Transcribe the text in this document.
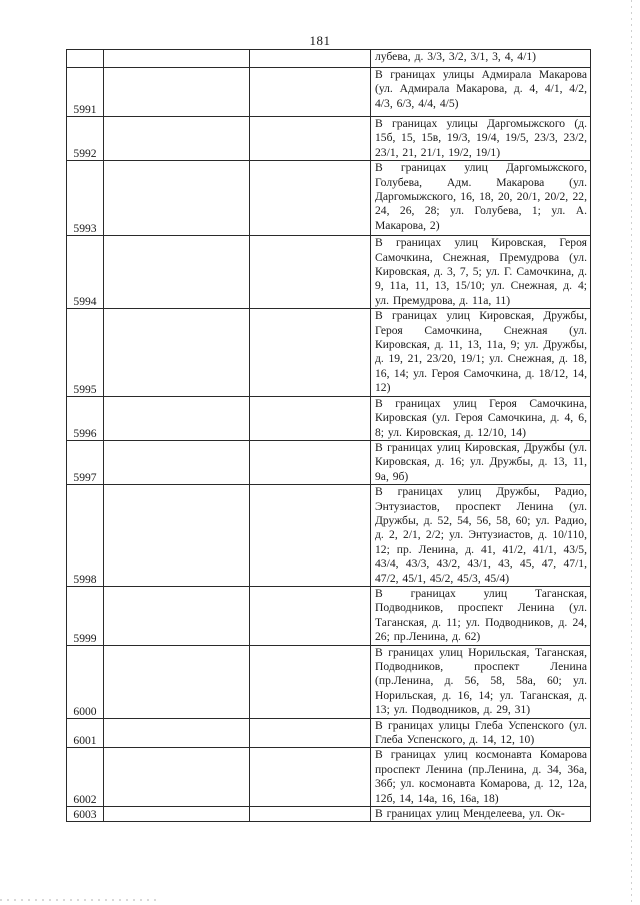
181
			лубева, д. 3/3, 3/2, 3/1, 3, 4, 4/1)
5991			В границах улицы Адмирала Макарова (ул. Адмирала Макарова, д. 4, 4/1, 4/2, 4/3, 6/3, 4/4, 4/5)
5992			В границах улицы Даргомыжского (д. 15б, 15, 15в, 19/3, 19/4, 19/5, 23/3, 23/2, 23/1, 21, 21/1, 19/2, 19/1)
5993			В границах улиц Даргомыжского, Голубева, Адм. Макарова (ул. Даргомыжского, 16, 18, 20, 20/1, 20/2, 22, 24, 26, 28; ул. Голубева, 1; ул. А. Макарова, 2)
5994			В границах улиц Кировская, Героя Самочкина, Снежная, Премудрова (ул. Кировская, д. 3, 7, 5; ул. Г. Самочкина, д. 9, 11а, 11, 13, 15/10; ул. Снежная, д. 4; ул. Премудрова, д. 11а, 11)
5995			В границах улиц Кировская, Дружбы, Героя Самочкина, Снежная (ул. Кировская, д. 11, 13, 11а, 9; ул. Дружбы, д. 19, 21, 23/20, 19/1; ул. Снежная, д. 18, 16, 14; ул. Героя Самочкина, д. 18/12, 14, 12)
5996			В границах улиц Героя Самочкина, Кировская (ул. Героя Самочкина, д. 4, 6, 8; ул. Кировская, д. 12/10, 14)
5997			В границах улиц Кировская, Дружбы (ул. Кировская, д. 16; ул. Дружбы, д. 13, 11, 9а, 9б)
5998			В границах улиц Дружбы, Радио, Энтузиастов, проспект Ленина (ул. Дружбы, д. 52, 54, 56, 58, 60; ул. Радио, д. 2, 2/1, 2/2; ул. Энтузиастов, д. 10/110, 12; пр. Ленина, д. 41, 41/2, 41/1, 43/5, 43/4, 43/3, 43/2, 43/1, 43, 45, 47, 47/1, 47/2, 45/1, 45/2, 45/3, 45/4)
5999			В границах улиц Таганская, Подводников, проспект Ленина (ул. Таганская, д. 11; ул. Подводников, д. 24, 26; пр.Ленина, д. 62)
6000			В границах улиц Норильская, Таганская, Подводников, проспект Ленина (пр.Ленина, д. 56, 58, 58а, 60; ул. Норильская, д. 16, 14; ул. Таганская, д. 13; ул. Подводников, д. 29, 31)
6001			В границах улицы Глеба Успенского (ул. Глеба Успенского, д. 14, 12, 10)
6002			В границах улиц космонавта Комарова проспект Ленина (пр.Ленина, д. 34, 36а, 36б; ул. космонавта Комарова, д. 12, 12а, 12б, 14, 14а, 16, 16а, 18)
6003			В границах улиц Менделеева, ул. Ок-
